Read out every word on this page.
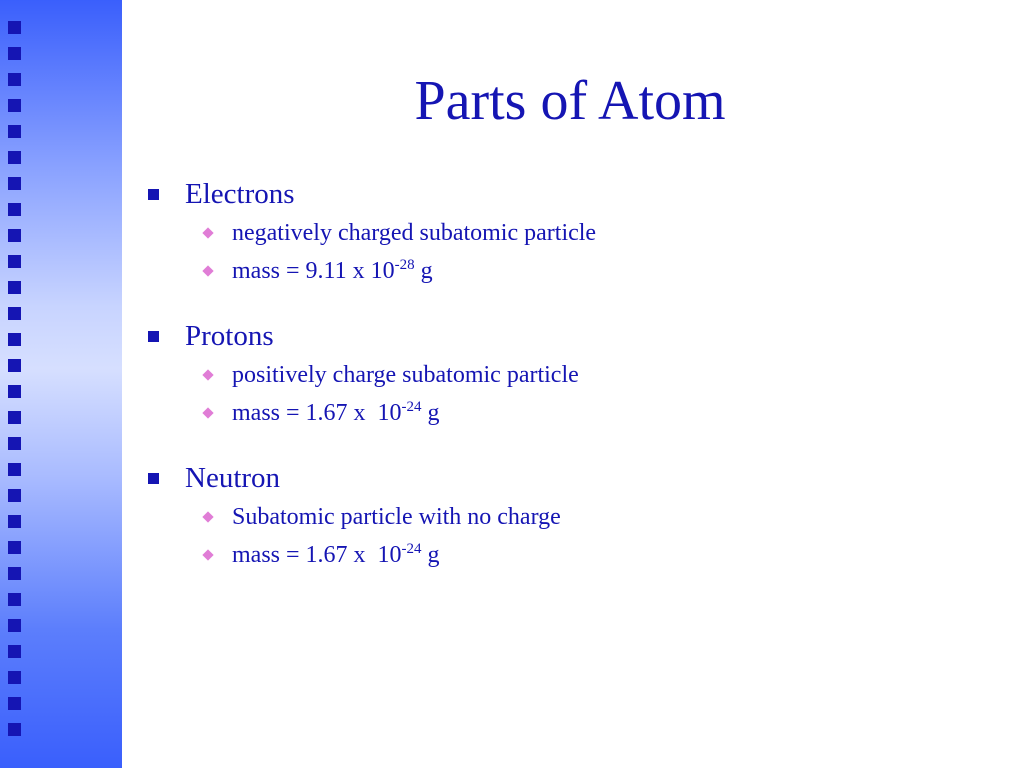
Parts of Atom
Electrons
negatively charged subatomic particle
mass = 9.11 x $10^{-28}$ g
Protons
positively charge subatomic particle
mass = 1.67 x  $10^{-24}$ g
Neutron
Subatomic particle with no charge
mass = 1.67 x  $10^{-24}$ g
